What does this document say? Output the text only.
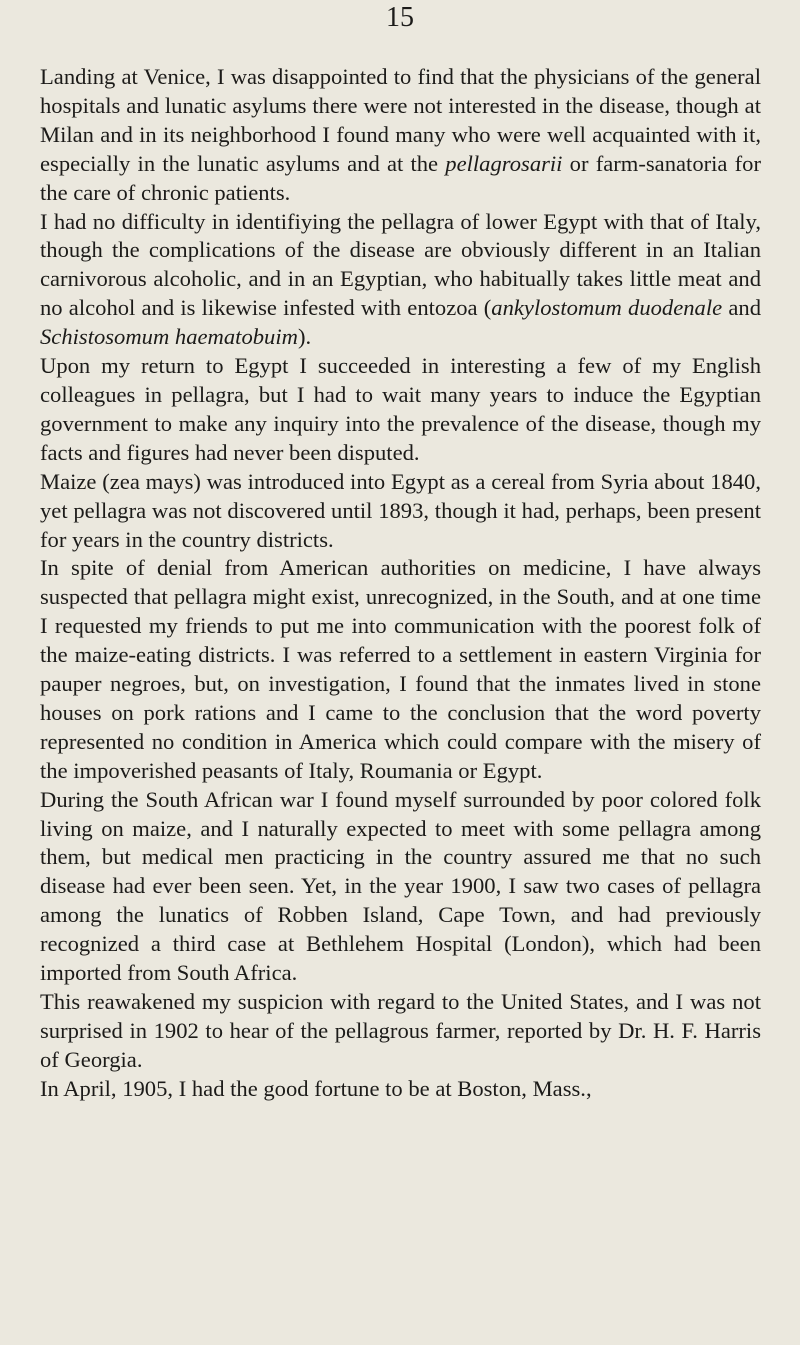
15

Landing at Venice, I was disappointed to find that the physicians of the general hospitals and lunatic asylums there were not interested in the disease, though at Milan and in its neighborhood I found many who were well acquainted with it, especially in the lunatic asylums and at the pellagrosarii or farm-sanatoria for the care of chronic patients.

I had no difficulty in identifiying the pellagra of lower Egypt with that of Italy, though the complications of the disease are obviously different in an Italian carnivorous alcoholic, and in an Egyptian, who habitually takes little meat and no alcohol and is likewise infested with entozoa (ankylostomum duodenale and Schistosomum haematobuim).

Upon my return to Egypt I succeeded in interesting a few of my English colleagues in pellagra, but I had to wait many years to induce the Egyptian government to make any inquiry into the prevalence of the disease, though my facts and figures had never been disputed.

Maize (zea mays) was introduced into Egypt as a cereal from Syria about 1840, yet pellagra was not discovered until 1893, though it had, perhaps, been present for years in the country districts.

In spite of denial from American authorities on medicine, I have always suspected that pellagra might exist, unrecognized, in the South, and at one time I requested my friends to put me into communication with the poorest folk of the maize-eating districts. I was referred to a settlement in eastern Virginia for pauper negroes, but, on investigation, I found that the inmates lived in stone houses on pork rations and I came to the conclusion that the word poverty represented no condition in America which could compare with the misery of the impoverished peasants of Italy, Roumania or Egypt.

During the South African war I found myself surrounded by poor colored folk living on maize, and I naturally expected to meet with some pellagra among them, but medical men practicing in the country assured me that no such disease had ever been seen. Yet, in the year 1900, I saw two cases of pellagra among the lunatics of Robben Island, Cape Town, and had previously recognized a third case at Bethlehem Hospital (London), which had been imported from South Africa.

This reawakened my suspicion with regard to the United States, and I was not surprised in 1902 to hear of the pellagrous farmer, reported by Dr. H. F. Harris of Georgia.

In April, 1905, I had the good fortune to be at Boston, Mass.,
